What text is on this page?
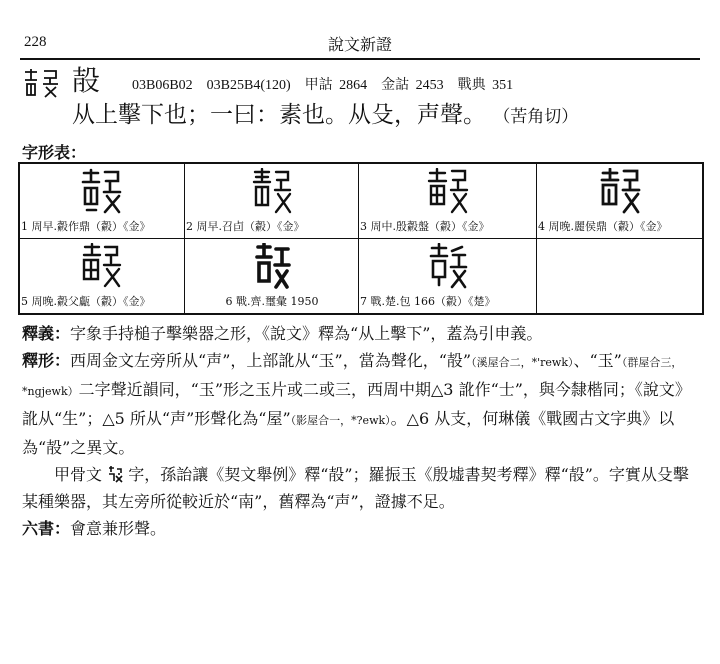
228	說文新證
㱿 03B06B02　03B25B4(120)　甲詁 2864　金詁 2453　戰典 351
从上擊下也；一曰：素也。从殳，声聲。 （苦角切）
字形表：
1 周早.㲉作鼎（㲉）《金》	2 周早.召卣（㲉）《金》	3 周中.殷㲉盤（㲉）《金》	4 周晚.麗侯鼎（㲉）《金》
5 周晚.㲉父甗（㲉）《金》	6 戰.齊.璽彙 1950	7 戰.楚.包 166（㲉）《楚》

釋義：字象手持槌子擊樂器之形，《說文》釋為“从上擊下”，蓋為引申義。

釋形：西周金文左旁所从“声”，上部訛从“玉”，當為聲化，“㱿”（溪屋合二，*'rewk）、“玉”（群屋合三，*ngjewk）二字聲近韻同，“玉”形之玉片或二或三，西周中期△3 訛作“士”，與今隸楷同；《說文》訛从“生”；△5 所从“声”形聲化為“屋”（影屋合一，*?ewk）。△6 从支，何琳儀《戰國古文字典》以為“㱿”之異文。

甲骨文 字，孫詒讓《契文舉例》釋“㱿”；羅振玉《殷墟書契考釋》釋“㱿”。字實从殳擊某種樂器，其左旁所從較近於“南”，舊釋為“声”，證據不足。

六書：會意兼形聲。
